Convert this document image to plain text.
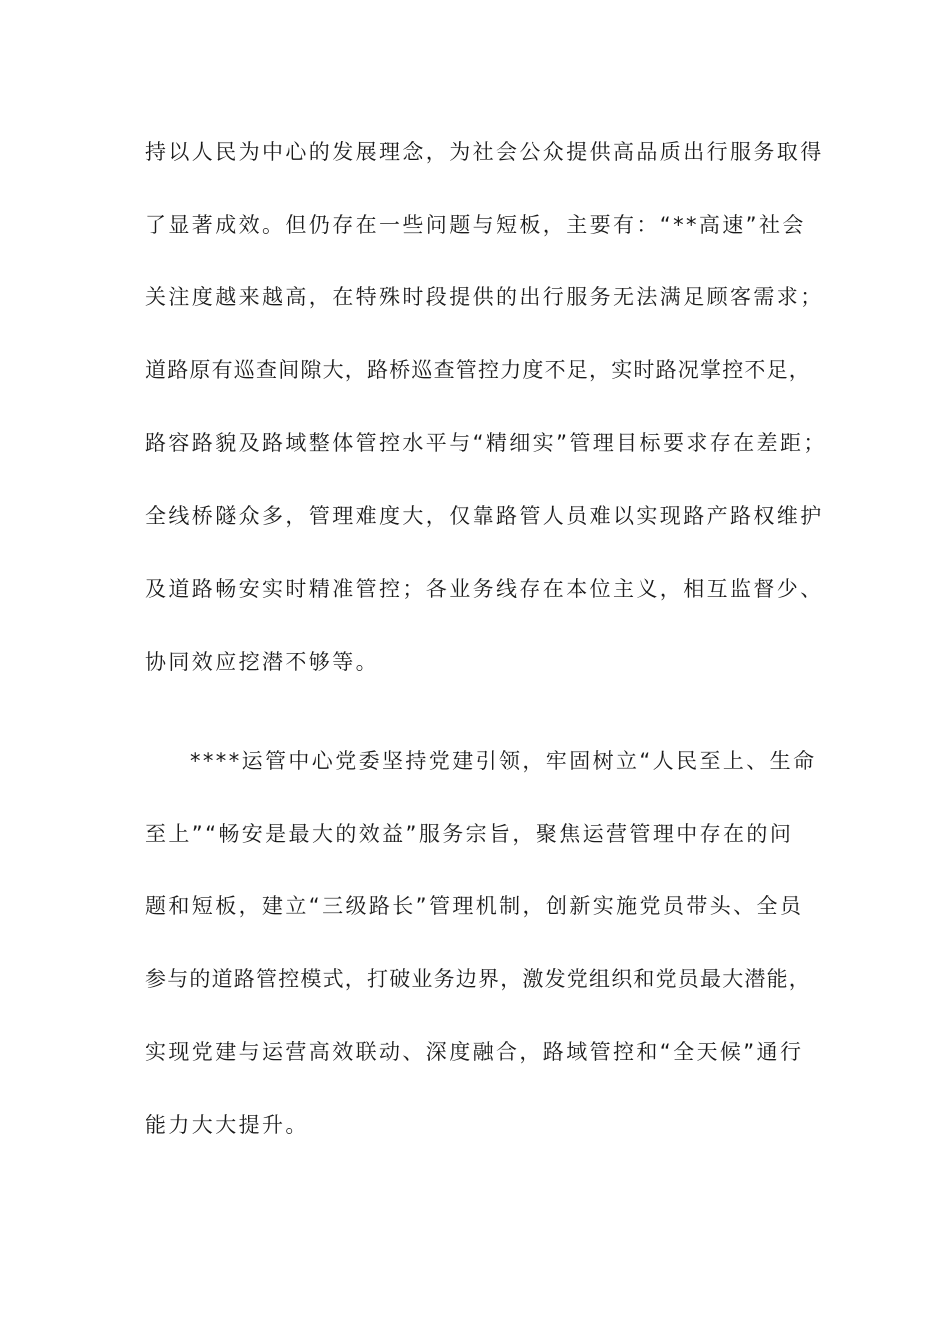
持以人民为中心的发展理念，为社会公众提供高品质出行服务取得
了显著成效。但仍存在一些问题与短板，主要有：“**高速”社会
关注度越来越高，在特殊时段提供的出行服务无法满足顾客需求；
道路原有巡查间隙大，路桥巡查管控力度不足，实时路况掌控不足，
路容路貌及路域整体管控水平与“精细实”管理目标要求存在差距；
全线桥隧众多，管理难度大，仅靠路管人员难以实现路产路权维护
及道路畅安实时精准管控；各业务线存在本位主义，相互监督少、
协同效应挖潜不够等。
****运管中心党委坚持党建引领，牢固树立“人民至上、生命
至上”“畅安是最大的效益”服务宗旨，聚焦运营管理中存在的问
题和短板，建立“三级路长”管理机制，创新实施党员带头、全员
参与的道路管控模式，打破业务边界，激发党组织和党员最大潜能，
实现党建与运营高效联动、深度融合，路域管控和“全天候”通行
能力大大提升。
